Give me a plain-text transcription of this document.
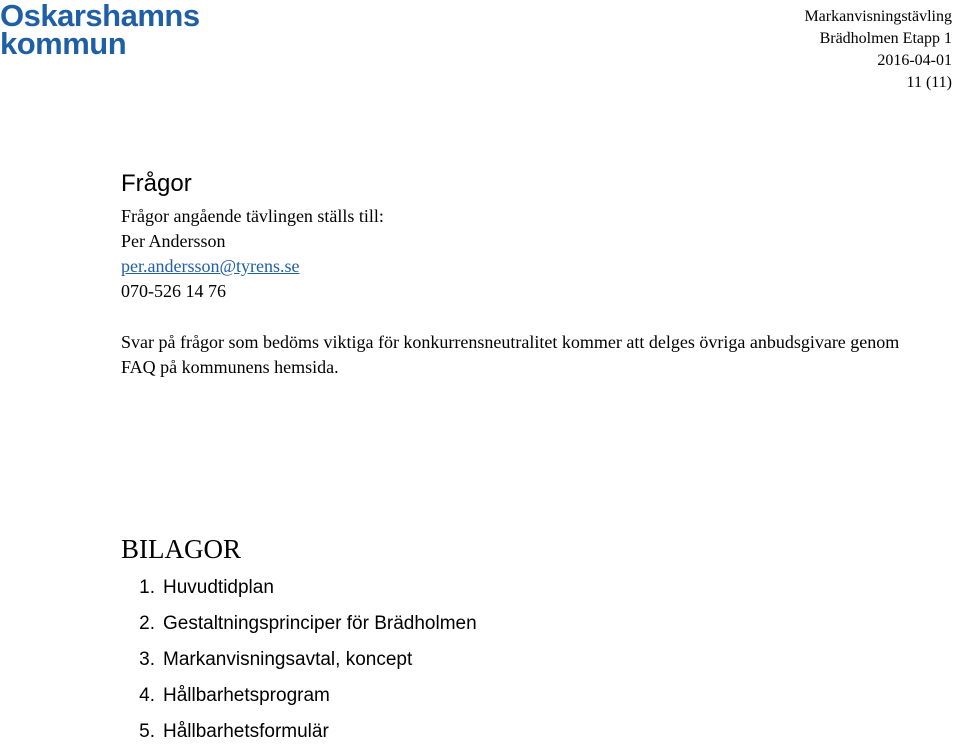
Oskarshamns
kommun
Markanvisningstävling
Brädholmen Etapp 1
2016-04-01
11 (11)
Frågor
Frågor angående tävlingen ställs till:
Per Andersson
per.andersson@tyrens.se
070-526 14 76
Svar på frågor som bedöms viktiga för konkurrensneutralitet kommer att delges övriga anbudsgivare genom FAQ på kommunens hemsida.
BILAGOR
1. Huvudtidplan
2. Gestaltningsprinciper för Brädholmen
3. Markanvisningsavtal, koncept
4. Hållbarhetsprogram
5. Hållbarhetsformulär
